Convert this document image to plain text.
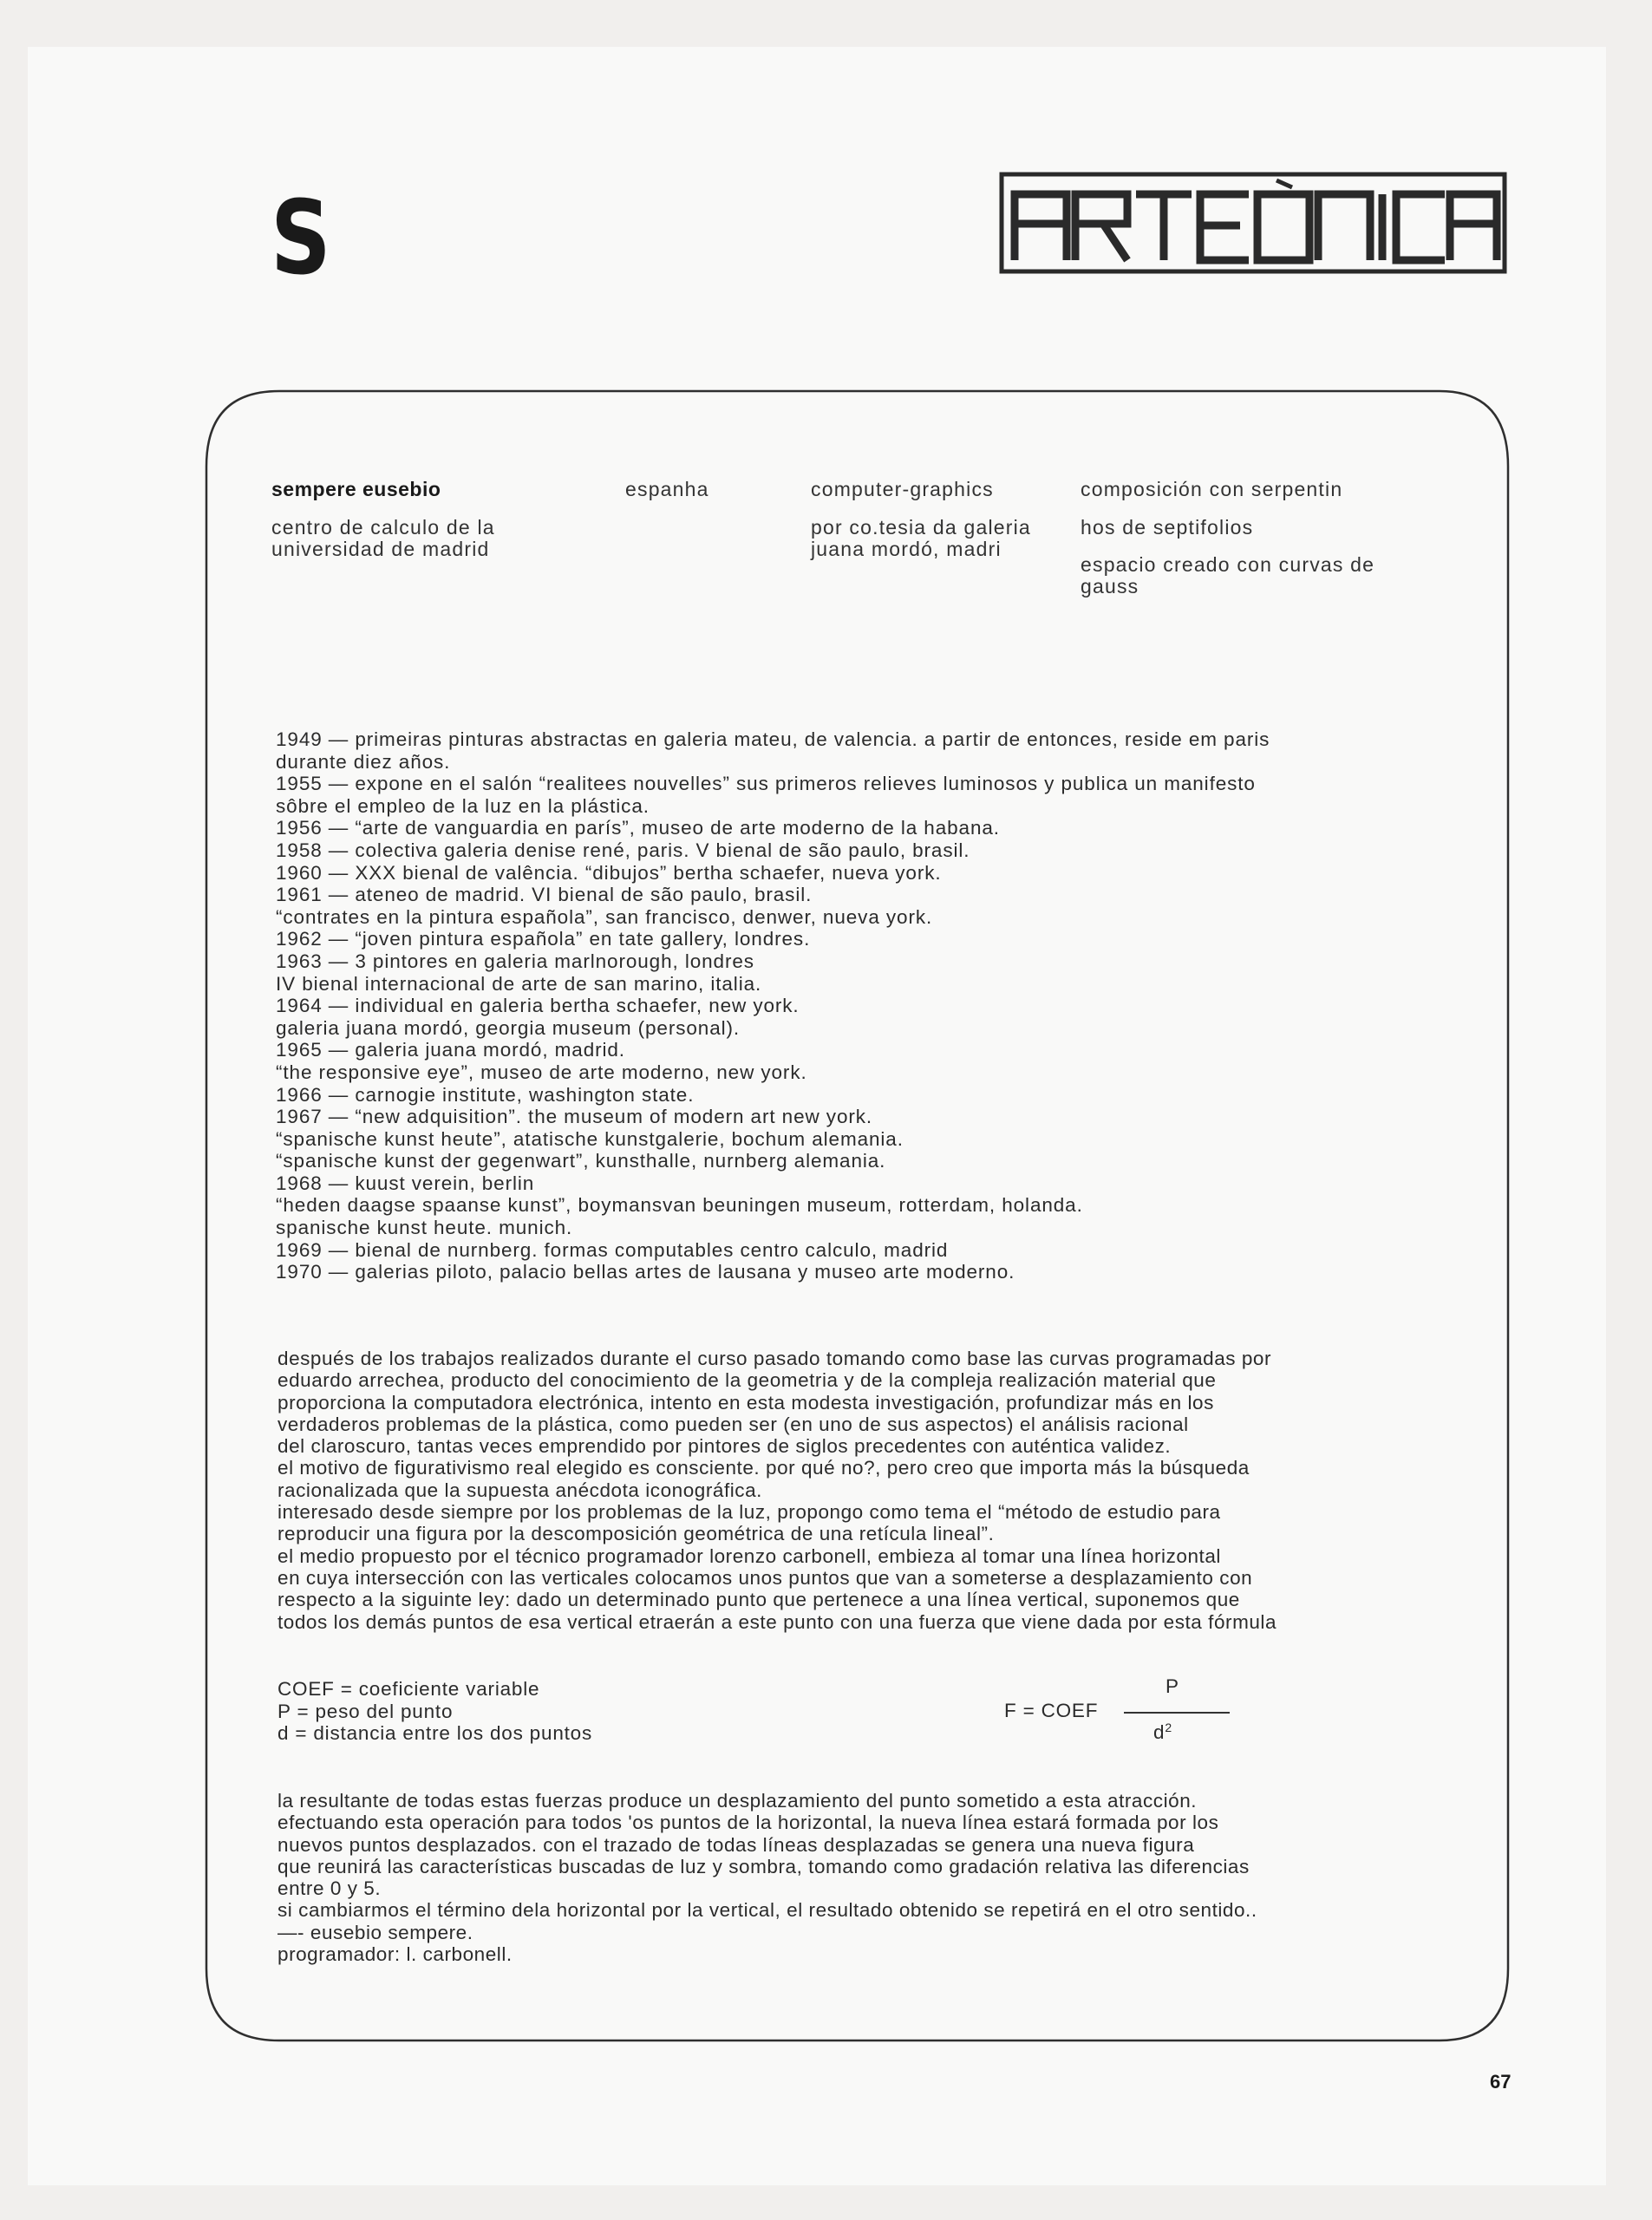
S
sempere eusebio
centro de calculo de la
universidad de madrid
espanha	computer-graphics
por co.tesia da galeria
juana mordó, madri
composición con serpentin
hos de septifolios
espacio creado con curvas de
gauss
1949 — primeiras pinturas abstractas en galeria mateu, de valencia. a partir de entonces, reside em paris
durante diez años.
1955 — expone en el salón “realitees nouvelles” sus primeros relieves luminosos y publica un manifesto
sôbre el empleo de la luz en la plástica.
1956 — “arte de vanguardia en parís”, museo de arte moderno de la habana.
1958 — colectiva galeria denise rené, paris. V bienal de são paulo, brasil.
1960 — XXX bienal de valência. “dibujos” bertha schaefer, nueva york.
1961 — ateneo de madrid. VI bienal de são paulo, brasil.
“contrates en la pintura española”, san francisco, denwer, nueva york.
1962 — “joven pintura española” en tate gallery, londres.
1963 — 3 pintores en galeria marlnorough, londres
IV bienal internacional de arte de san marino, italia.
1964 — individual en galeria bertha schaefer, new york.
galeria juana mordó, georgia museum (personal).
1965 — galeria juana mordó, madrid.
“the responsive eye”, museo de arte moderno, new york.
1966 — carnogie institute, washington state.
1967 — “new adquisition”. the museum of modern art new york.
“spanische kunst heute”, atatische kunstgalerie, bochum alemania.
“spanische kunst der gegenwart”, kunsthalle, nurnberg alemania.
1968 — kuust verein, berlin
“heden daagse spaanse kunst”, boymansvan beuningen museum, rotterdam, holanda.
spanische kunst heute. munich.
1969 — bienal de nurnberg. formas computables centro calculo, madrid
1970 — galerias piloto, palacio bellas artes de lausana y museo arte moderno.
después de los trabajos realizados durante el curso pasado tomando como base las curvas programadas por
eduardo arrechea, producto del conocimiento de la geometria y de la compleja realización material que
proporciona la computadora electrónica, intento en esta modesta investigación, profundizar más en los
verdaderos problemas de la plástica, como pueden ser (en uno de sus aspectos) el análisis racional
del claroscuro, tantas veces emprendido por pintores de siglos precedentes con auténtica validez.
el motivo de figurativismo real elegido es consciente. por qué no?, pero creo que importa más la búsqueda
racionalizada que la supuesta anécdota iconográfica.
interesado desde siempre por los problemas de la luz, propongo como tema el “método de estudio para
reproducir una figura por la descomposición geométrica de una retícula lineal”.
el medio propuesto por el técnico programador lorenzo carbonell, embieza al tomar una línea horizontal
en cuya intersección con las verticales colocamos unos puntos que van a someterse a desplazamiento con
respecto a la siguinte ley: dado un determinado punto que pertenece a una línea vertical, suponemos que
todos los demás puntos de esa vertical etraerán a este punto con una fuerza que viene dada por esta fórmula
COEF = coeficiente variable
P = peso del punto
d = distancia entre los dos puntos
F = COEF
P
$d^2$
la resultante de todas estas fuerzas produce un desplazamiento del punto sometido a esta atracción.
efectuando esta operación para todos 'os puntos de la horizontal, la nueva línea estará formada por los
nuevos puntos desplazados. con el trazado de todas líneas desplazadas se genera una nueva figura
que reunirá las características buscadas de luz y sombra, tomando como gradación relativa las diferencias
entre 0 y 5.
si cambiarmos el término dela horizontal por la vertical, el resultado obtenido se repetirá en el otro sentido..
—- eusebio sempere.
programador: l. carbonell.
67
